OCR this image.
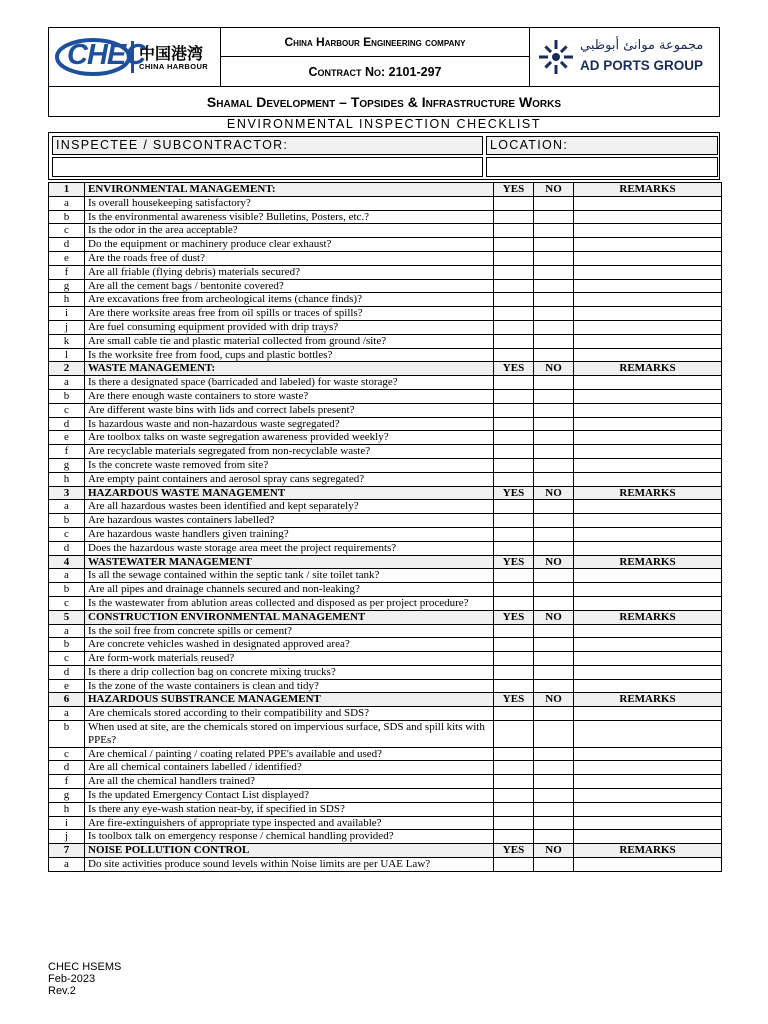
CHEC
中国港湾
CHINA HARBOUR
China Harbour Engineering company
Contract No: 2101-297
مجموعة موانئ أبوظبي
AD PORTS GROUP
Shamal Development – Topsides & Infrastructure Works
ENVIRONMENTAL INSPECTION CHECKLIST
INSPECTEE / SUBCONTRACTOR:	LOCATION:
1	ENVIRONMENTAL MANAGEMENT:	YES	NO	REMARKS
a	Is overall housekeeping satisfactory?			
b	Is the environmental awareness visible? Bulletins, Posters, etc.?			
c	Is the odor in the area acceptable?			
d	Do the equipment or machinery produce clear exhaust?			
e	Are the roads free of dust?			
f	Are all friable (flying debris) materials secured?			
g	Are all the cement bags / bentonite covered?			
h	Are excavations free from archeological items (chance finds)?			
i	Are there worksite areas free from oil spills or traces of spills?			
j	Are fuel consuming equipment provided with drip trays?			
k	Are small cable tie and plastic material collected from ground /site?			
l	Is the worksite free from food, cups and plastic bottles?			
2	WASTE MANAGEMENT:	YES	NO	REMARKS
a	Is there a designated space (barricaded and labeled) for waste storage?			
b	Are there enough waste containers to store waste?			
c	Are different waste bins with lids and correct labels present?			
d	Is hazardous waste and non-hazardous waste segregated?			
e	Are toolbox talks on waste segregation awareness provided weekly?			
f	Are recyclable materials segregated from non-recyclable waste?			
g	Is the concrete waste removed from site?			
h	Are empty paint containers and aerosol spray cans segregated?			
3	HAZARDOUS WASTE MANAGEMENT	YES	NO	REMARKS
a	Are all hazardous wastes been identified and kept separately?			
b	Are hazardous wastes containers labelled?			
c	Are hazardous waste handlers given training?			
d	Does the hazardous waste storage area meet the project requirements?			
4	WASTEWATER MANAGEMENT	YES	NO	REMARKS
a	Is all the sewage contained within the septic tank / site toilet tank?			
b	Are all pipes and drainage channels secured and non-leaking?			
c	Is the wastewater from ablution areas collected and disposed as per project procedure?			
5	CONSTRUCTION ENVIRONMENTAL MANAGEMENT	YES	NO	REMARKS
a	Is the soil free from concrete spills or cement?			
b	Are concrete vehicles washed in designated approved area?			
c	Are form-work materials reused?			
d	Is there a drip collection bag on concrete mixing trucks?			
e	Is the zone of the waste containers is clean and tidy?			
6	HAZARDOUS SUBSTRANCE MANAGEMENT	YES	NO	REMARKS
a	Are chemicals stored according to their compatibility and SDS?			
b	When used at site, are the chemicals stored on impervious surface, SDS and spill kits with PPEs?			
c	Are chemical / painting / coating related PPE's available and used?			
d	Are all chemical containers labelled / identified?			
f	Are all the chemical handlers trained?			
g	Is the updated Emergency Contact List displayed?			
h	Is there any eye-wash station near-by, if specified in SDS?			
i	Are fire-extinguishers of appropriate type inspected and available?			
j	Is toolbox talk on emergency response / chemical handling provided?			
7	NOISE POLLUTION CONTROL	YES	NO	REMARKS
a	Do site activities produce sound levels within Noise limits are per UAE Law?			
CHEC HSEMS
Feb-2023
Rev.2
